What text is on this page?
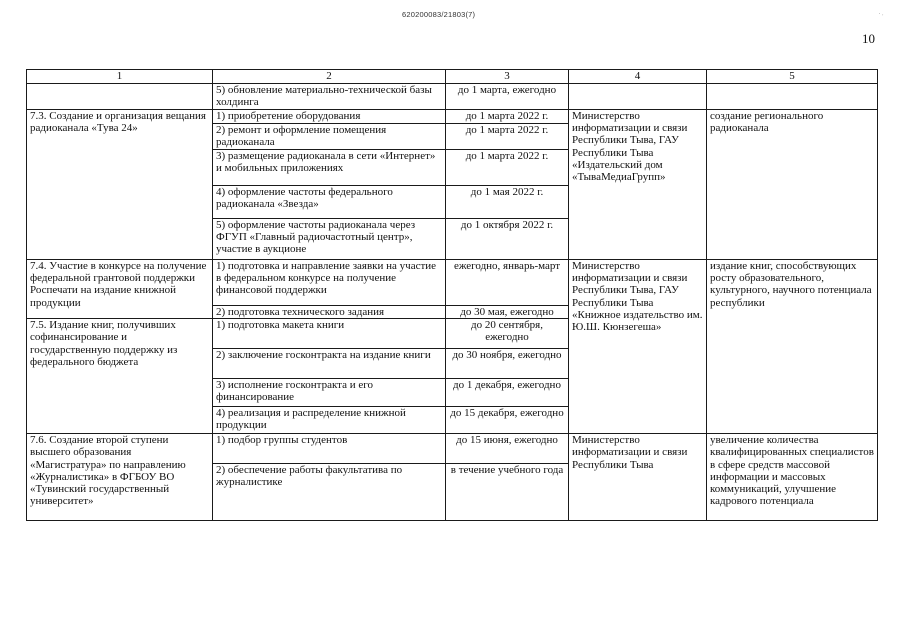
620200083/21803(7)	· ·
10
1	2	3	4	5
	5) обновление материально-технической базы холдинга	до 1 марта, ежегодно		
7.3. Создание и организация вещания радиоканала «Тува 24»	1) приобретение оборудования	до 1 марта 2022 г.	Министерство информатизации и связи Республики Тыва, ГАУ Республики Тыва «Издательский дом «ТываМедиаГрупп»	создание регионального радиоканала
	2) ремонт и оформление помещения радиоканала	до 1 марта 2022 г.		
	3) размещение радиоканала в сети «Интернет» и мобильных приложениях	до 1 марта 2022 г.		
	4) оформление частоты федерального радиоканала «Звезда»	до 1 мая 2022 г.		
	5) оформление частоты радиоканала через ФГУП «Главный радиочастотный центр», участие в аукционе	до 1 октября 2022 г.		
7.4. Участие в конкурсе на получение федеральной грантовой поддержки Роспечати на издание книжной продукции	1) подготовка и направление заявки на участие в федеральном конкурсе на получение финансовой поддержки	ежегодно, январь-март	Министерство информатизации и связи Республики Тыва, ГАУ Республики Тыва «Книжное издательство им. Ю.Ш. Кюнзегеша»	издание книг, способствующих росту образовательного, культурного, научного потенциала республики
	2) подготовка технического задания	до 30 мая, ежегодно		
7.5. Издание книг, получивших софинансирование и государственную поддержку из федерального бюджета	1) подготовка макета книги	до 20 сентября, ежегодно		
	2) заключение госконтракта на издание книги	до 30 ноября, ежегодно		
	3) исполнение госконтракта и его финансирование	до 1 декабря, ежегодно		
	4) реализация и распределение книжной продукции	до 15 декабря, ежегодно		
7.6. Создание второй ступени высшего образования «Магистратура» по направлению «Журналистика» в ФГБОУ ВО «Тувинский государственный университет»	1) подбор группы студентов	до 15 июня, ежегодно	Министерство информатизации и связи Республики Тыва	увеличение количества квалифицированных специалистов в сфере средств массовой информации и массовых коммуникаций, улучшение кадрового потенциала
	2) обеспечение работы факультатива по журналистике	в течение учебного года		
